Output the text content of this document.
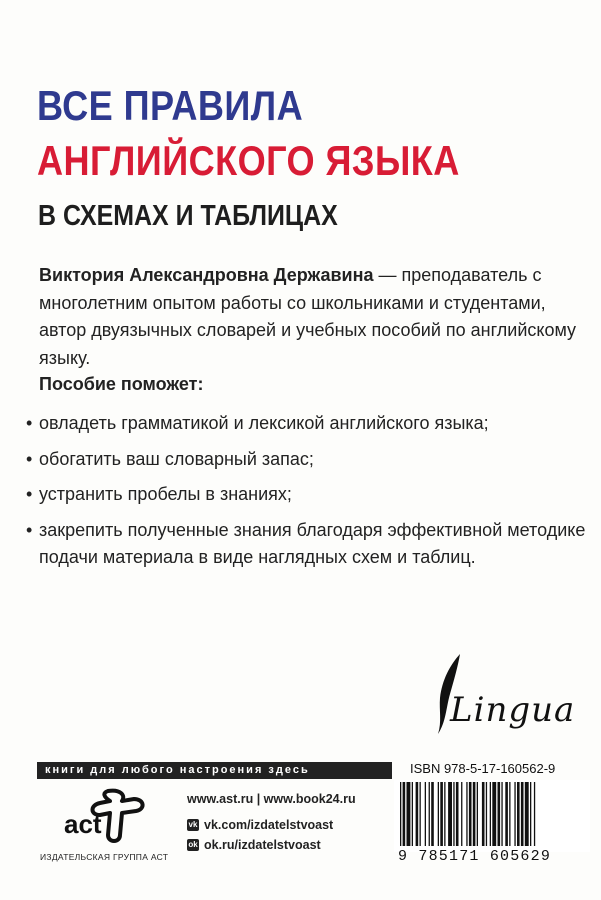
ВСЕ ПРАВИЛА
АНГЛИЙСКОГО ЯЗЫКА
В СХЕМАХ И ТАБЛИЦАХ

Виктория Александровна Державина — преподаватель с многолетним опытом работы со школьниками и студентами, автор двуязычных словарей и учебных пособий по английскому языку.

Пособие поможет:
• овладеть грамматикой и лексикой английского языка;
• обогатить ваш словарный запас;
• устранить пробелы в знаниях;
• закрепить полученные знания благодаря эффективной методике подачи материала в виде наглядных схем и таблиц.
Lingua
книги для любого настроения здесь
act
ИЗДАТЕЛЬСКАЯ ГРУППА АСТ
www.ast.ru | www.book24.ru
vk vk.com/izdatelstvoast
ok ok.ru/izdatelstvoast
ISBN 978-5-17-160562-9
9 785171 605629
